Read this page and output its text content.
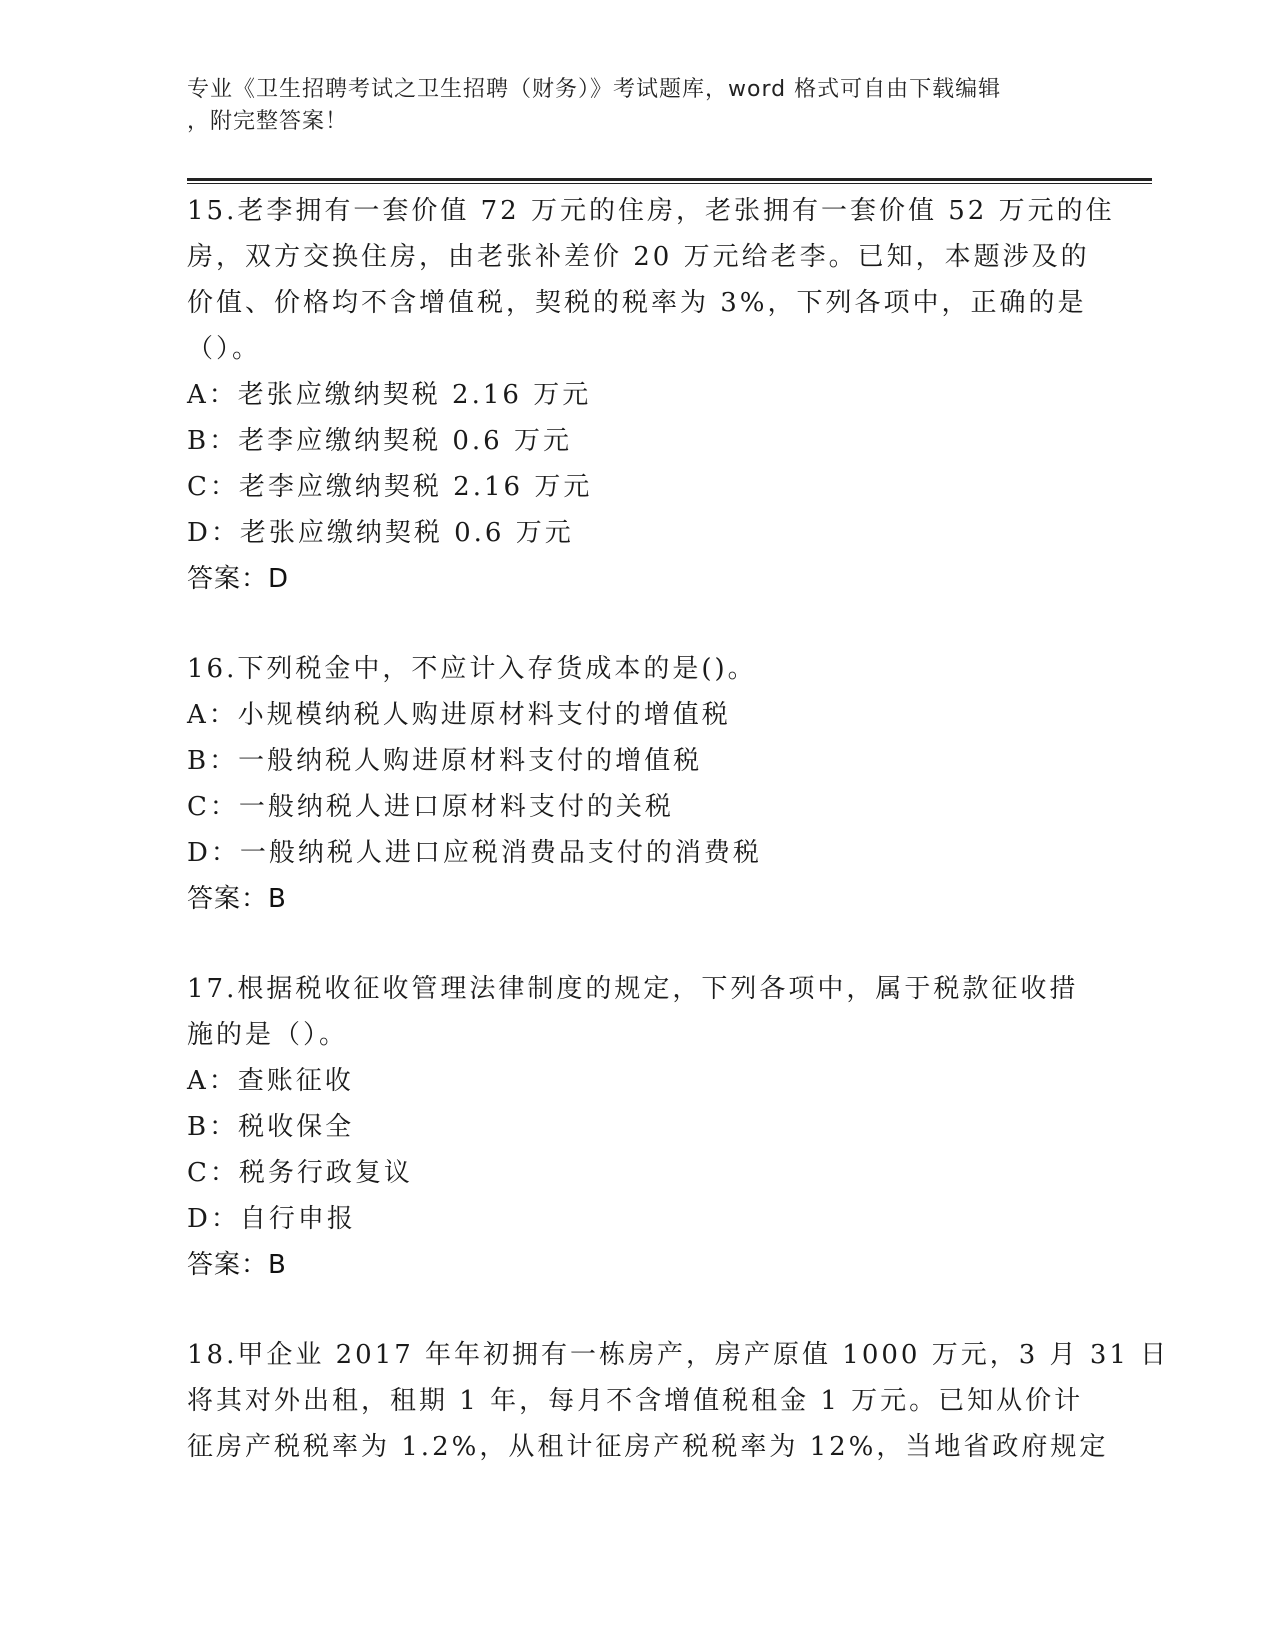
专业《卫生招聘考试之卫生招聘（财务）》考试题库，word 格式可自由下载编辑
，附完整答案！
15.老李拥有一套价值 72 万元的住房，老张拥有一套价值 52 万元的住
房，双方交换住房，由老张补差价 20 万元给老李。已知，本题涉及的
价值、价格均不含增值税，契税的税率为 3%，下列各项中，正确的是
（）。
A：老张应缴纳契税 2.16 万元
B：老李应缴纳契税 0.6 万元
C：老李应缴纳契税 2.16 万元
D：老张应缴纳契税 0.6 万元
答案：D
16.下列税金中，不应计入存货成本的是()。
A：小规模纳税人购进原材料支付的增值税
B：一般纳税人购进原材料支付的增值税
C：一般纳税人进口原材料支付的关税
D：一般纳税人进口应税消费品支付的消费税
答案：B
17.根据税收征收管理法律制度的规定，下列各项中，属于税款征收措
施的是（）。
A：查账征收
B：税收保全
C：税务行政复议
D：自行申报
答案：B
18.甲企业 2017 年年初拥有一栋房产，房产原值 1000 万元，3 月 31 日
将其对外出租，租期 1 年，每月不含增值税租金 1 万元。已知从价计
征房产税税率为 1.2%，从租计征房产税税率为 12%，当地省政府规定
